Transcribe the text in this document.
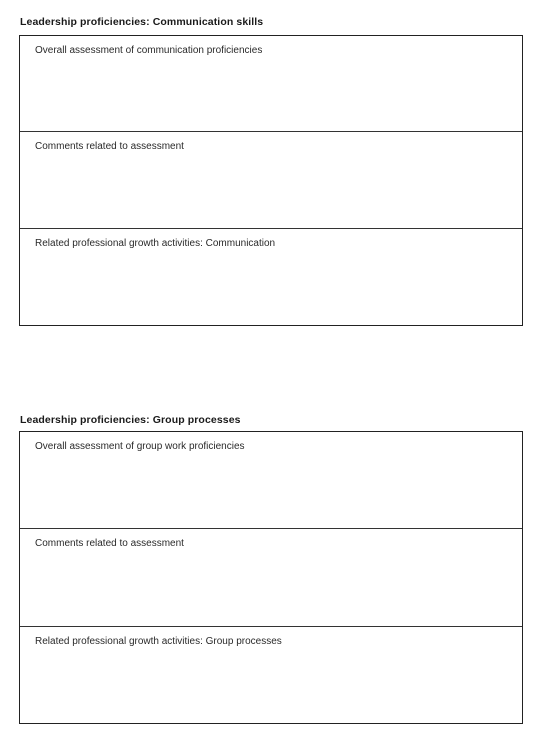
Leadership proficiencies: Communication skills
Overall assessment of communication proficiencies
Comments related to assessment
Related professional growth activities: Communication
Leadership proficiencies: Group processes
Overall assessment of group work proficiencies
Comments related to assessment
Related professional growth activities: Group processes
